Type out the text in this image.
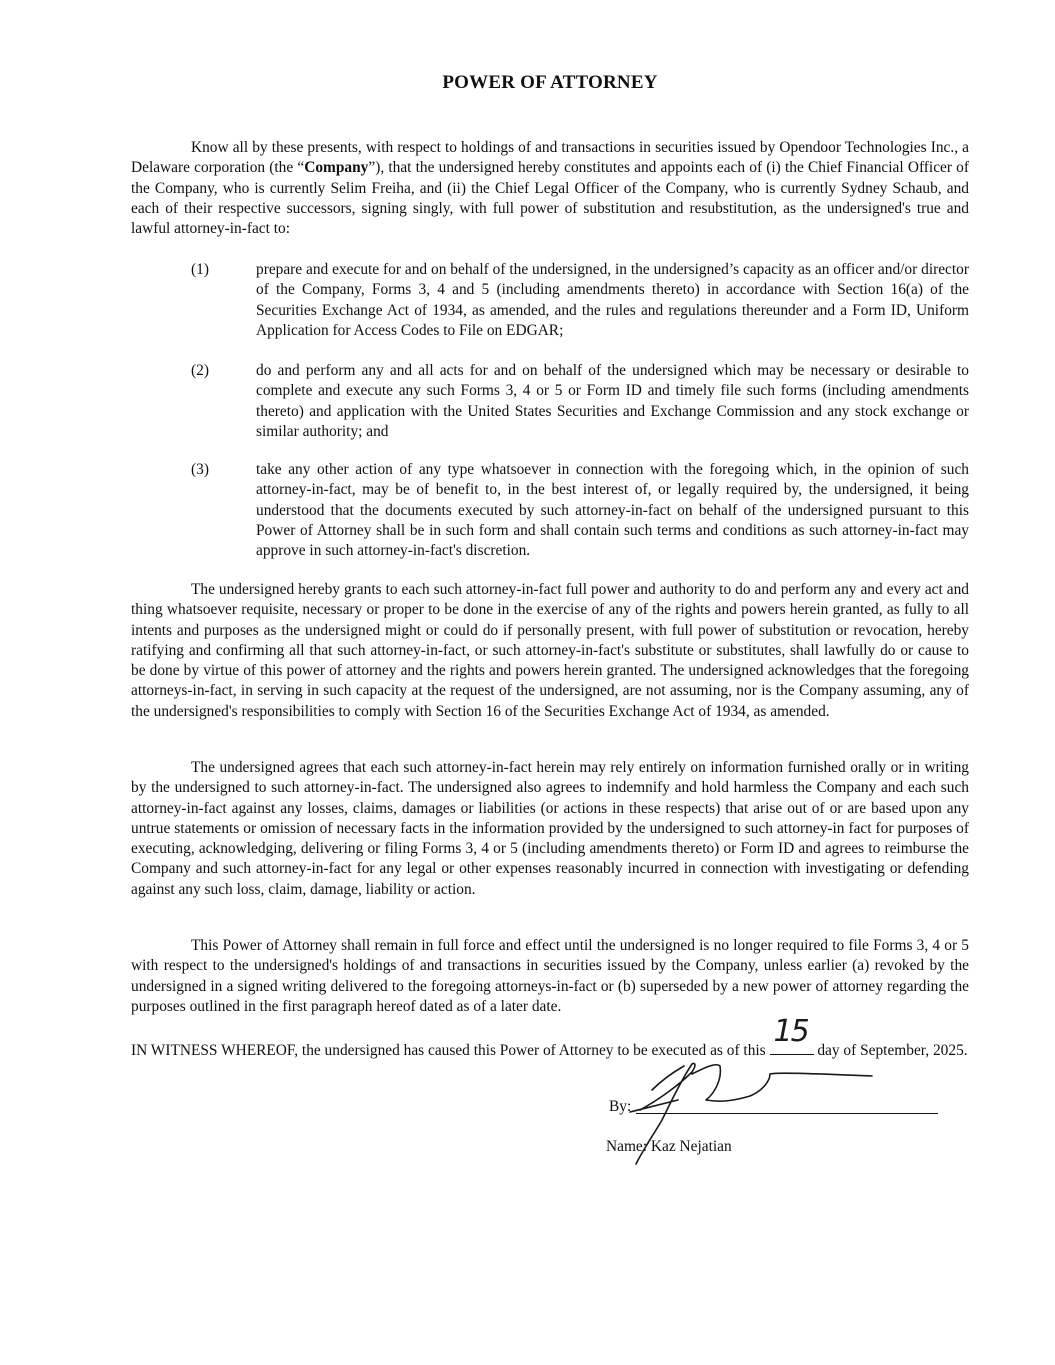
POWER OF ATTORNEY

Know all by these presents, with respect to holdings of and transactions in securities issued by Opendoor Technologies Inc., a Delaware corporation (the “Company”), that the undersigned hereby constitutes and appoints each of (i) the Chief Financial Officer of the Company, who is currently Selim Freiha, and (ii) the Chief Legal Officer of the Company, who is currently Sydney Schaub, and each of their respective successors, signing singly, with full power of substitution and resubstitution, as the undersigned's true and lawful attorney-in-fact to:

(1)	prepare and execute for and on behalf of the undersigned, in the undersigned’s capacity as an officer and/or director of the Company, Forms 3, 4 and 5 (including amendments thereto) in accordance with Section 16(a) of the Securities Exchange Act of 1934, as amended, and the rules and regulations thereunder and a Form ID, Uniform Application for Access Codes to File on EDGAR;
(2)	do and perform any and all acts for and on behalf of the undersigned which may be necessary or desirable to complete and execute any such Forms 3, 4 or 5 or Form ID and timely file such forms (including amendments thereto) and application with the United States Securities and Exchange Commission and any stock exchange or similar authority; and
(3)	take any other action of any type whatsoever in connection with the foregoing which, in the opinion of such attorney-in-fact, may be of benefit to, in the best interest of, or legally required by, the undersigned, it being understood that the documents executed by such attorney-in-fact on behalf of the undersigned pursuant to this Power of Attorney shall be in such form and shall contain such terms and conditions as such attorney-in-fact may approve in such attorney-in-fact's discretion.

The undersigned hereby grants to each such attorney-in-fact full power and authority to do and perform any and every act and thing whatsoever requisite, necessary or proper to be done in the exercise of any of the rights and powers herein granted, as fully to all intents and purposes as the undersigned might or could do if personally present, with full power of substitution or revocation, hereby ratifying and confirming all that such attorney-in-fact, or such attorney-in-fact's substitute or substitutes, shall lawfully do or cause to be done by virtue of this power of attorney and the rights and powers herein granted. The undersigned acknowledges that the foregoing attorneys-in-fact, in serving in such capacity at the request of the undersigned, are not assuming, nor is the Company assuming, any of the undersigned's responsibilities to comply with Section 16 of the Securities Exchange Act of 1934, as amended.

The undersigned agrees that each such attorney-in-fact herein may rely entirely on information furnished orally or in writing by the undersigned to such attorney-in-fact. The undersigned also agrees to indemnify and hold harmless the Company and each such attorney-in-fact against any losses, claims, damages or liabilities (or actions in these respects) that arise out of or are based upon any untrue statements or omission of necessary facts in the information provided by the undersigned to such attorney-in fact for purposes of executing, acknowledging, delivering or filing Forms 3, 4 or 5 (including amendments thereto) or Form ID and agrees to reimburse the Company and such attorney-in-fact for any legal or other expenses reasonably incurred in connection with investigating or defending against any such loss, claim, damage, liability or action.

This Power of Attorney shall remain in full force and effect until the undersigned is no longer required to file Forms 3, 4 or 5 with respect to the undersigned's holdings of and transactions in securities issued by the Company, unless earlier (a) revoked by the undersigned in a signed writing delivered to the foregoing attorneys-in-fact or (b) superseded by a new power of attorney regarding the purposes outlined in the first paragraph hereof dated as of a later date.

IN WITNESS WHEREOF, the undersigned has caused this Power of Attorney to be executed as of this
15
day of September, 2025.
By:
Name: Kaz Nejatian
